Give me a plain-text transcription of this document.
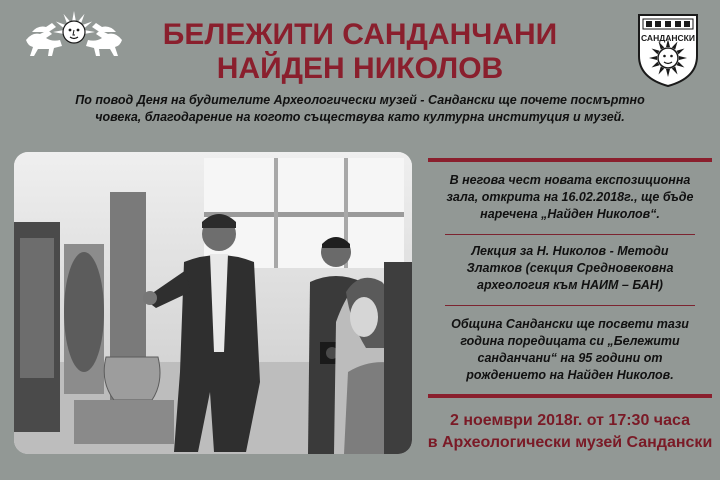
БЕЛЕЖИТИ САНДАНЧАНИ
НАЙДЕН НИКОЛОВ
САНДАНСКИ
По повод Деня на будителите Археологически музей - Сандански ще почете посмъртно
човека, благодарение на когото съществува като културна институция и музей.
В негова чест новата експозиционна
зала, открита на 16.02.2018г., ще бъде
наречена „Найден Николов“.
Лекция за Н. Николов - Методи
Златков (секция Средновековна
археология към НАИМ – БАН)
Община Сандански ще посвети тази
година поредицата си „Бележити
санданчани“ на 95 години от
рождението на Найден Николов.
2 ноември 2018г. от 17:30 часа
в Археологически музей Сандански
